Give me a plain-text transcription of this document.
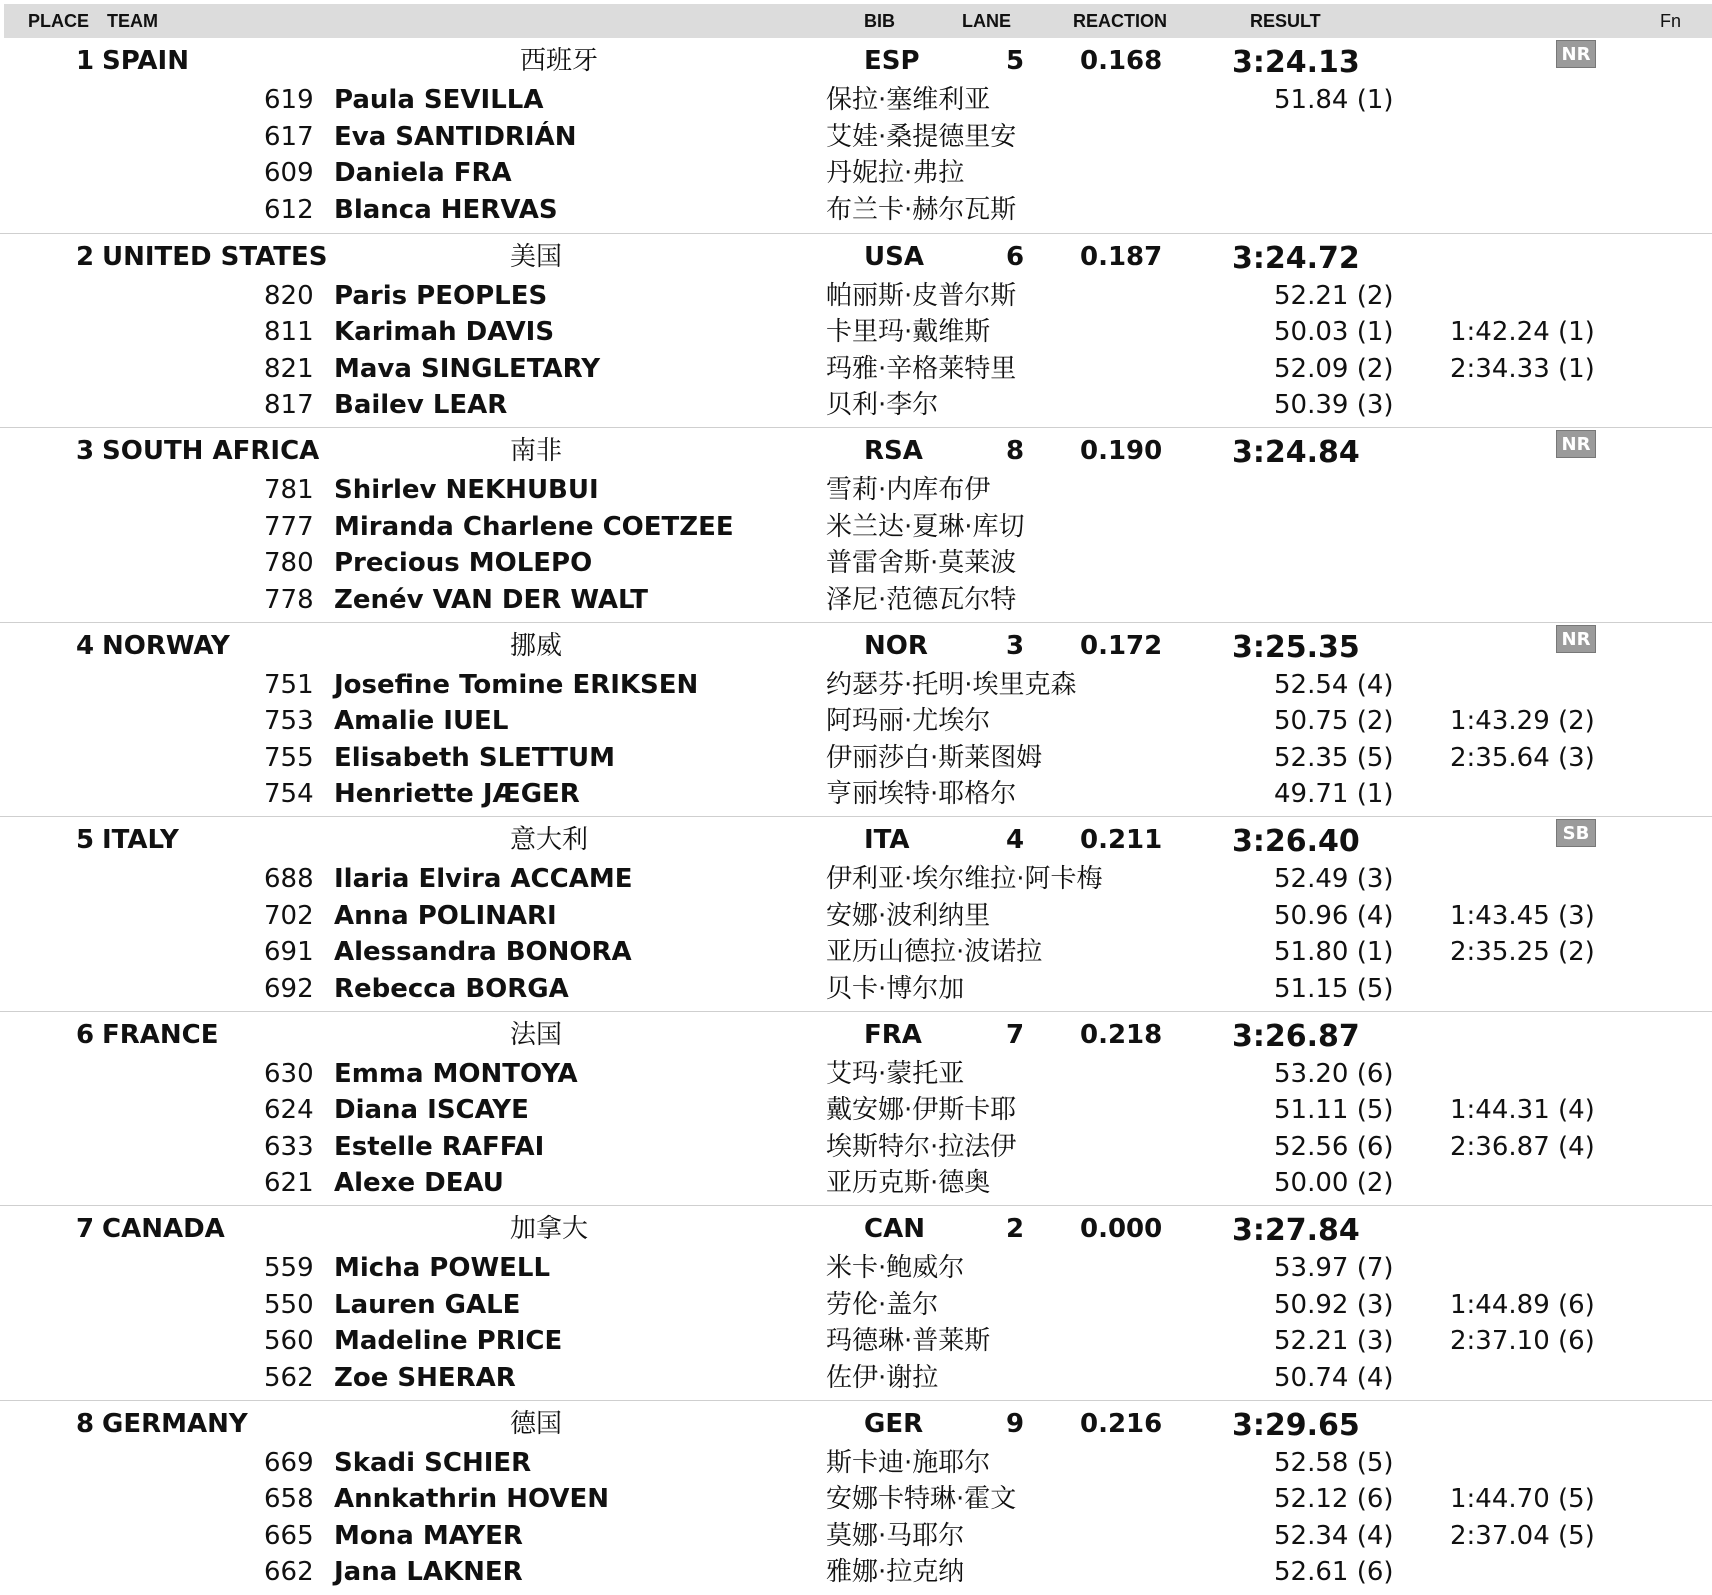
PLACE TEAM	BIB	LANE	REACTION	RESULT	Fn
1 SPAIN	西班牙	ESP	5 0.168 3:24.13	NR
619 Paula SEVILLA	保拉·塞维利亚	51.84 (1)
617 Eva SANTIDRIÁN	艾娃·桑提德里安
609 Daniela FRA	丹妮拉·弗拉
612 Blanca HERVAS	布兰卡·赫尔瓦斯
2 UNITED STATES	美国	USA	6 0.187 3:24.72
820 Paris PEOPLES	帕丽斯·皮普尔斯	52.21 (2)
811 Karimah DAVIS	卡里玛·戴维斯	50.03 (1) 1:42.24 (1)
821 Mava SINGLETARY	玛雅·辛格莱特里	52.09 (2) 2:34.33 (1)
817 Bailev LEAR	贝利·李尔	50.39 (3)
3 SOUTH AFRICA	南非	RSA	8 0.190 3:24.84	NR
781 Shirlev NEKHUBUI	雪莉·内库布伊
777 Miranda Charlene COETZEE	米兰达·夏琳·库切
780 Precious MOLEPO	普雷舍斯·莫莱波
778 Zenév VAN DER WALT	泽尼·范德瓦尔特
4 NORWAY	挪威	NOR	3 0.172 3:25.35	NR
751 Josefine Tomine ERIKSEN	约瑟芬·托明·埃里克森	52.54 (4)
753 Amalie IUEL	阿玛丽·尤埃尔	50.75 (2) 1:43.29 (2)
755 Elisabeth SLETTUM	伊丽莎白·斯莱图姆	52.35 (5) 2:35.64 (3)
754 Henriette JÆGER	亨丽埃特·耶格尔	49.71 (1)
5 ITALY	意大利	ITA	4 0.211 3:26.40	SB
688 Ilaria Elvira ACCAME	伊利亚·埃尔维拉·阿卡梅	52.49 (3)
702 Anna POLINARI	安娜·波利纳里	50.96 (4) 1:43.45 (3)
691 Alessandra BONORA	亚历山德拉·波诺拉	51.80 (1) 2:35.25 (2)
692 Rebecca BORGA	贝卡·博尔加	51.15 (5)
6 FRANCE	法国	FRA	7 0.218 3:26.87
630 Emma MONTOYA	艾玛·蒙托亚	53.20 (6)
624 Diana ISCAYE	戴安娜·伊斯卡耶	51.11 (5) 1:44.31 (4)
633 Estelle RAFFAI	埃斯特尔·拉法伊	52.56 (6) 2:36.87 (4)
621 Alexe DEAU	亚历克斯·德奥	50.00 (2)
7 CANADA	加拿大	CAN	2 0.000 3:27.84
559 Micha POWELL	米卡·鲍威尔	53.97 (7)
550 Lauren GALE	劳伦·盖尔	50.92 (3) 1:44.89 (6)
560 Madeline PRICE	玛德琳·普莱斯	52.21 (3) 2:37.10 (6)
562 Zoe SHERAR	佐伊·谢拉	50.74 (4)
8 GERMANY	德国	GER	9 0.216 3:29.65
669 Skadi SCHIER	斯卡迪·施耶尔	52.58 (5)
658 Annkathrin HOVEN	安娜卡特琳·霍文	52.12 (6) 1:44.70 (5)
665 Mona MAYER	莫娜·马耶尔	52.34 (4) 2:37.04 (5)
662 Jana LAKNER	雅娜·拉克纳	52.61 (6)
